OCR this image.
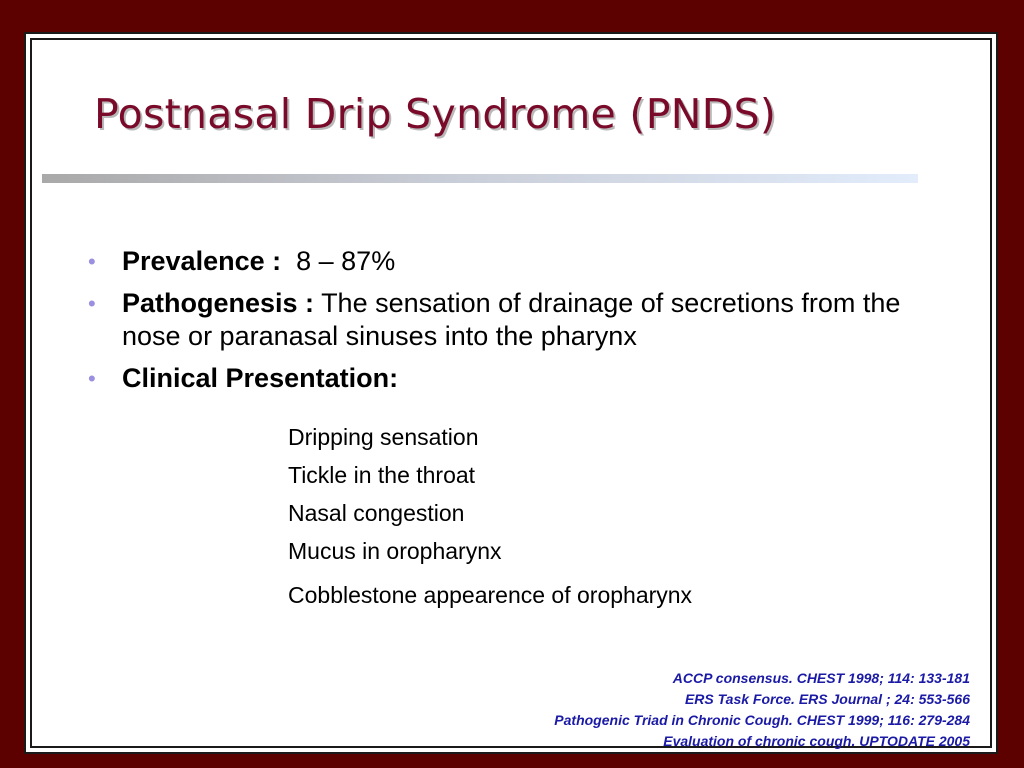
Postnasal Drip Syndrome (PNDS)
• Prevalence : 8 – 87%
• Pathogenesis : The sensation of drainage of secretions from the nose or paranasal sinuses into the pharynx
• Clinical Presentation:
Dripping sensation
Tickle in the throat
Nasal congestion
Mucus in oropharynx
Cobblestone appearence of oropharynx
ACCP consensus. CHEST 1998; 114: 133-181
ERS Task Force. ERS Journal ; 24: 553-566
Pathogenic Triad in Chronic Cough. CHEST 1999; 116: 279-284
Evaluation of chronic cough. UPTODATE 2005
